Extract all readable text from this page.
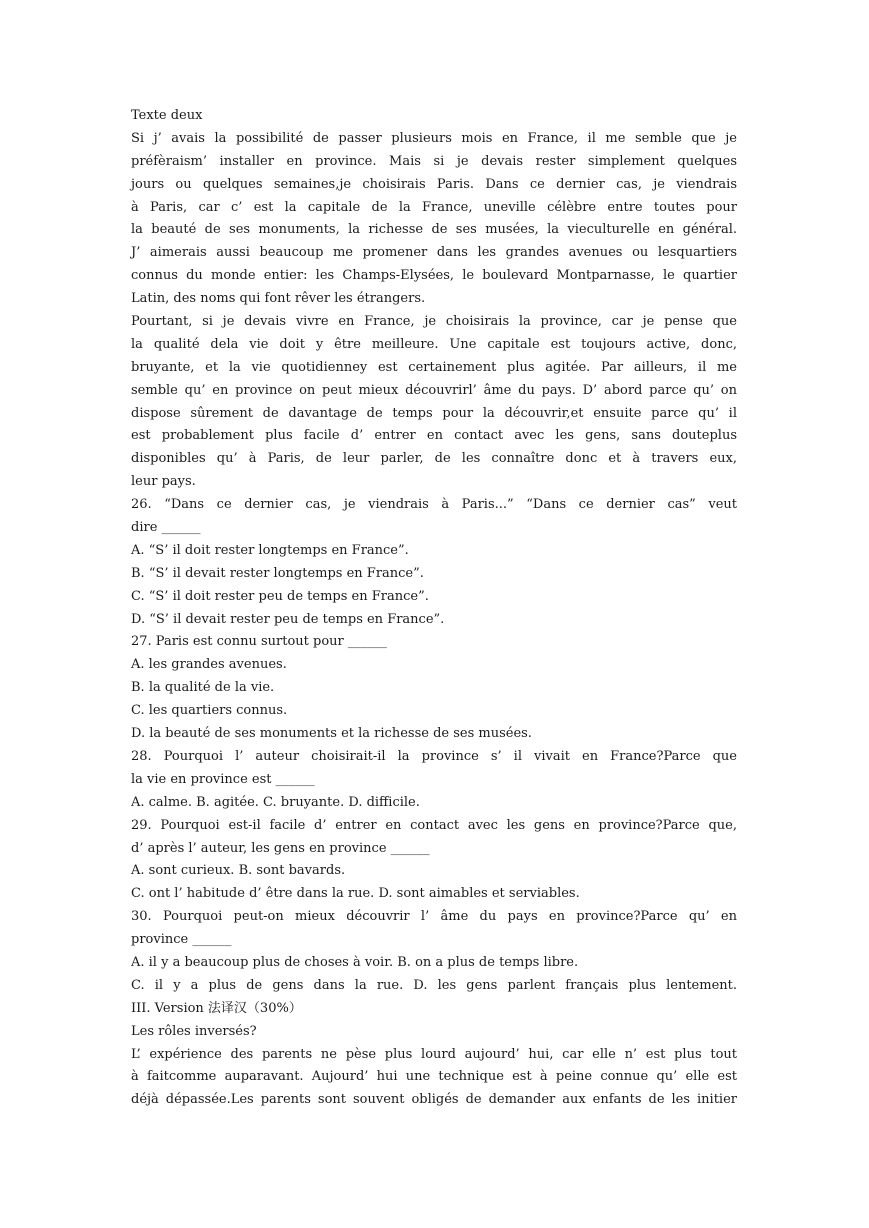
Texte deux
Si j’ avais la possibilité de passer plusieurs mois en France, il me semble que je
préfèraism’ installer en province. Mais si je devais rester simplement quelques
jours ou quelques semaines,je choisirais Paris. Dans ce dernier cas, je viendrais
à Paris, car c’ est la capitale de la France, uneville célèbre entre toutes pour
la beauté de ses monuments, la richesse de ses musées, la vieculturelle en général.
J’ aimerais aussi beaucoup me promener dans les grandes avenues ou lesquartiers
connus du monde entier: les Champs-Elysées, le boulevard Montparnasse, le quartier
Latin, des noms qui font rêver les étrangers.
Pourtant, si je devais vivre en France, je choisirais la province, car je pense que
la qualité dela vie doit y être meilleure. Une capitale est toujours active, donc,
bruyante, et la vie quotidienney est certainement plus agitée. Par ailleurs, il me
semble qu’ en province on peut mieux découvrirl’ âme du pays. D’ abord parce qu’ on
dispose sûrement de davantage de temps pour la découvrir,et ensuite parce qu’ il
est probablement plus facile d’ entrer en contact avec les gens, sans douteplus
disponibles qu’ à Paris, de leur parler, de les connaître donc et à travers eux,
leur pays.
26. “Dans ce dernier cas, je viendrais à Paris...” “Dans ce dernier cas” veut
dire ______
A. “S’ il doit rester longtemps en France”.
B. “S’ il devait rester longtemps en France”.
C. “S’ il doit rester peu de temps en France”.
D. “S’ il devait rester peu de temps en France”.
27. Paris est connu surtout pour ______
A. les grandes avenues.
B. la qualité de la vie.
C. les quartiers connus.
D. la beauté de ses monuments et la richesse de ses musées.
28. Pourquoi l’ auteur choisirait-il la province s’ il vivait en France?Parce que
la vie en province est ______
A. calme. B. agitée. C. bruyante. D. difficile.
29. Pourquoi est-il facile d’ entrer en contact avec les gens en province?Parce que,
d’ après l’ auteur, les gens en province ______
A. sont curieux. B. sont bavards.
C. ont l’ habitude d’ être dans la rue. D. sont aimables et serviables.
30. Pourquoi peut-on mieux découvrir l’ âme du pays en province?Parce qu’ en
province ______
A. il y a beaucoup plus de choses à voir. B. on a plus de temps libre.
C. il y a plus de gens dans la rue. D. les gens parlent français plus lentement.
III. Version 法译汉（30%）
Les rôles inversés?
L’ expérience des parents ne pèse plus lourd aujourd’ hui, car elle n’ est plus tout
à faitcomme auparavant. Aujourd’ hui une technique est à peine connue qu’ elle est
déjà dépassée.Les parents sont souvent obligés de demander aux enfants de les initier
